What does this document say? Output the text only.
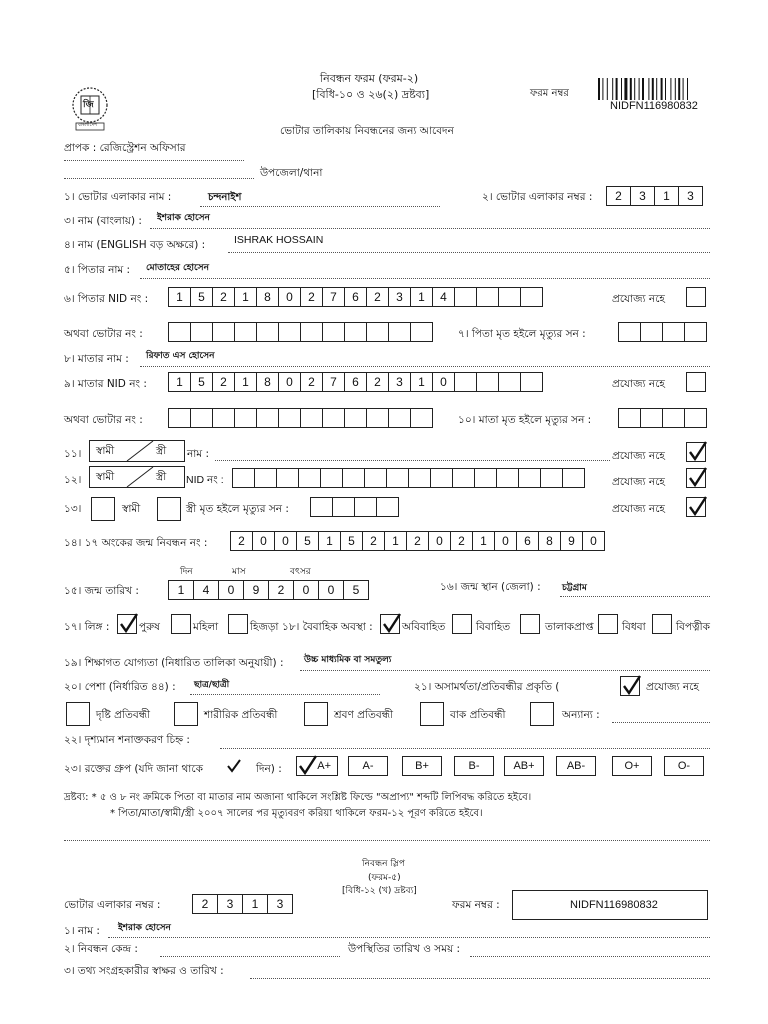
জি
বাংলাদেশ
নিবন্ধন ফরম (ফরম-২)
[বিধি-১০ ও ২৬(২) দ্রষ্টব্য]	ফরম নম্বর
NIDFN116980832
ভোটার তালিকায় নিবন্ধনের জন্য আবেদন
প্রাপক : রেজিস্ট্রেশন অফিসার
উপজেলা/থানা
১। ভোটার এলাকার নাম :	চন্দনাইশ	২। ভোটার এলাকার নম্বর :	2	3	1	3
৩। নাম (বাংলায়) : ইশরাক হোসেন
৪। নাম (ENGLISH বড় অক্ষরে) :	ISHRAK HOSSAIN
৫। পিতার নাম : মোতাহের হোসেন
৬। পিতার NID নং :	1	5	2	1	8	0	2	7	6	2	3	1	4	প্রযোজ্য নহে
অথবা ভোটার নং :	৭। পিতা মৃত হইলে মৃত্যুর সন :
৮। মাতার নাম : রিফাত এস হোসেন
৯। মাতার NID নং :	1	5	2	1	8	0	2	7	6	2	3	1	0	প্রযোজ্য নহে
অথবা ভোটার নং :	১০। মাতা মৃত হইলে মৃত্যুর সন :
১১। স্বামী	স্ত্রী নাম :	প্রযোজ্য নহে
১২। স্বামী	স্ত্রী NID নং :	প্রযোজ্য নহে
১৩।	স্বামী	স্ত্রী মৃত হইলে মৃত্যুর সন :	প্রযোজ্য নহে
১৪। ১৭ অংকের জন্ম নিবন্ধন নং :	2	0	0	5	1	5	2	1	2	0	2	1	0	6	8	9	0
দিন	মাস	বৎসর
১৫। জন্ম তারিখ :	1	4	0	9	2	0	0	5	১৬। জন্ম স্থান (জেলা) : চট্টগ্রাম
১৭। লিঙ্গ :	পুরুষ	মহিলা	হিজড়া ১৮। বৈবাহিক অবস্থা :	অবিবাহিত	বিবাহিত	তালাকপ্রাপ্ত	বিধবা	বিপত্নীক
১৯। শিক্ষাগত যোগ্যতা (নিধারিত তালিকা অনুযায়ী) : উচ্চ মাধ্যমিক বা সমতুল্য
২০। পেশা (নির্ধারিত ৪৪) : ছাত্র/ছাত্রী	২১। অসামর্থতা/প্রতিবন্ধীর প্রকৃতি (	প্রযোজ্য নহে
দৃষ্টি প্রতিবন্ধী	শারীরিক প্রতিবন্ধী	শ্রবণ প্রতিবন্ধী	বাক প্রতিবন্ধী	অন্যান্য :
২২। দৃশ্যমান শনাক্তকরণ চিহ্ন :
২৩। রক্তের গ্রুপ (যদি জানা থাকে	দিন) :	A+	A-	B+	B-	AB+	AB-	O+	O-
দ্রষ্টব্য: * ৫ ও ৮ নং ক্রমিকে পিতা বা মাতার নাম অজানা থাকিলে সংশ্লিষ্ট ফিল্ডে "অপ্রাপ্য" শব্দটি লিপিবদ্ধ করিতে হইবে।
* পিতা/মাতা/স্বামী/স্ত্রী ২০০৭ সালের পর মৃত্যুবরণ করিয়া থাকিলে ফরম-১২ পূরণ করিতে হইবে।
নিবন্ধন স্লিপ
(ফরম-৫)
[বিধি-১২ (খ) দ্রষ্টব্য]
ভোটার এলাকার নম্বর :	2	3	1	3	ফরম নম্বর :	NIDFN116980832
১। নাম : ইশরাক হোসেন
২। নিবন্ধন কেন্দ্র :	উপস্থিতির তারিখ ও সময় :
৩। তথ্য সংগ্রহকারীর স্বাক্ষর ও তারিখ :
